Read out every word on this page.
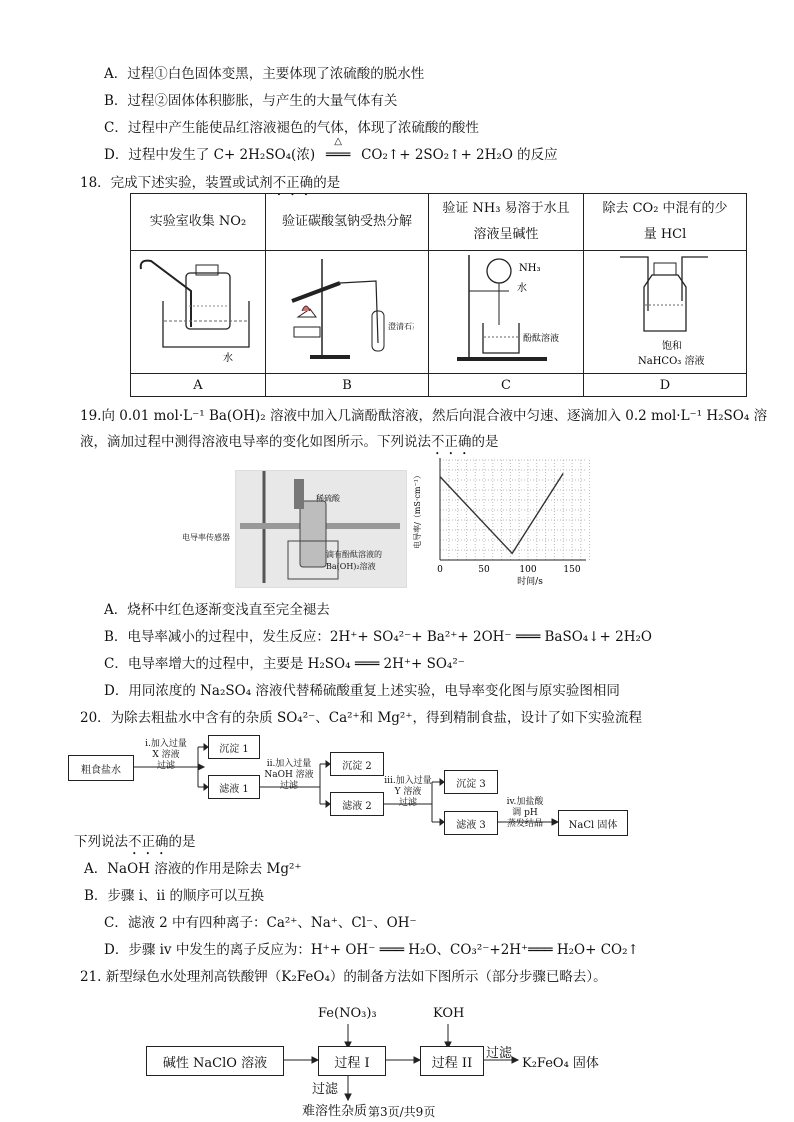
A．过程①白色固体变黑，主要体现了浓硫酸的脱水性
B．过程②固体体积膨胀，与产生的大量气体有关
C．过程中产生能使品红溶液褪色的气体，体现了浓硫酸的酸性
D．过程中发生了 C+ 2H₂SO₄(浓)
△
═══ CO₂↑+ 2SO₂↑+ 2H₂O 的反应
18．完成下述实验，装置或试剂不正确的是
实验室收集 NO₂	验证碳酸氢钠受热分解	验证 NH₃ 易溶于水且溶液呈碱性	除去 CO₂ 中混有的少量 HCl

水	澄清石	NH₃
水
酚酞溶液	饱和
NaHCO₃ 溶液

A	B	C	D
19.向 0.01 mol·L⁻¹ Ba(OH)₂ 溶液中加入几滴酚酞溶液，然后向混合液中匀速、逐滴加入 0.2 mol·L⁻¹ H₂SO₄ 溶
液，滴加过程中测得溶液电导率的变化如图所示。下列说法不正确的是
稀硫酸
滴有酚酞溶液的
Ba(OH)₂溶液
电导率传感器
0	50	100	150
时间/s
电导率/（mS·cm⁻¹）
A．烧杯中红色逐渐变浅直至完全褪去
B．电导率减小的过程中，发生反应：2H⁺+ SO₄²⁻+ Ba²⁺+ 2OH⁻ ═══ BaSO₄↓+ 2H₂O
C．电导率增大的过程中，主要是 H₂SO₄ ═══ 2H⁺+ SO₄²⁻
D．用同浓度的 Na₂SO₄ 溶液代替稀硫酸重复上述实验，电导率变化图与原实验图相同
20．为除去粗盐水中含有的杂质 SO₄²⁻、Ca²⁺和 Mg²⁺，得到精制食盐，设计了如下实验流程
粗食盐水
i.加入过量
X 溶液
过滤
沉淀 1
滤液 1
ii.加入过量
NaOH 溶液
过滤
沉淀 2
滤液 2
iii.加入过量
Y 溶液
过滤
沉淀 3
滤液 3
iv.加盐酸
调 pH
蒸发结晶	NaCl 固体
下列说法不正确的是
A．NaOH 溶液的作用是除去 Mg²⁺
B．步骤 i、ii 的顺序可以互换
C．滤液 2 中有四种离子：Ca²⁺、Na⁺、Cl⁻、OH⁻
D．步骤 iv 中发生的离子反应为：H⁺+ OH⁻ ═══ H₂O、CO₃²⁻+2H⁺═══ H₂O+ CO₂↑
21. 新型绿色水处理剂高铁酸钾（K₂FeO₄）的制备方法如下图所示（部分步骤已略去）。
Fe(NO₃)₃	KOH
碱性 NaClO 溶液	过程 I	过程 II
过滤
K₂FeO₄ 固体
过滤
难溶性杂质 第3页/共9页
